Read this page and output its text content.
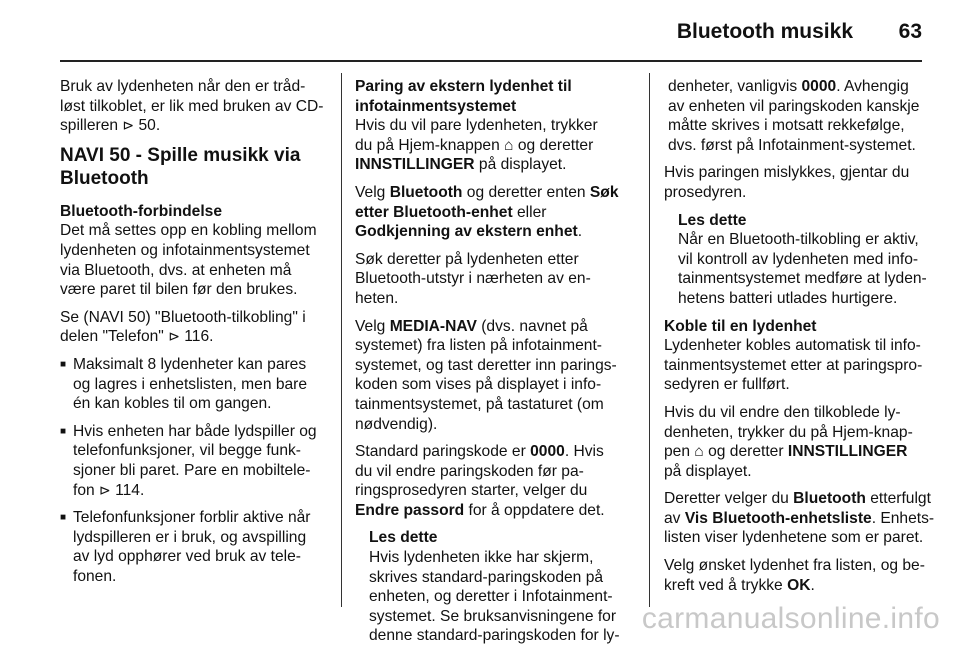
Bluetooth musikk 63

Bruk av lydenheten når den er tråd-
løst tilkoblet, er lik med bruken av CD-
spilleren ⊳ 50.

NAVI 50 - Spille musikk via
Bluetooth
Bluetooth-forbindelse

Det må settes opp en kobling mellom
lydenheten og infotainmentsystemet
via Bluetooth, dvs. at enheten må
være paret til bilen før den brukes.

Se (NAVI 50) "Bluetooth-tilkobling" i
delen "Telefon" ⊳ 116.

■ Maksimalt 8 lydenheter kan pares
og lagres i enhetslisten, men bare
én kan kobles til om gangen.
■ Hvis enheten har både lydspiller og
telefonfunksjoner, vil begge funk-
sjoner bli paret. Pare en mobiltele-
fon ⊳ 114.
■ Telefonfunksjoner forblir aktive når
lydspilleren er i bruk, og avspilling
av lyd opphører ved bruk av tele-
fonen.
Paring av ekstern lydenhet til
infotainmentsystemet

Hvis du vil pare lydenheten, trykker
du på Hjem-knappen ⌂ og deretter
INNSTILLINGER på displayet.

Velg Bluetooth og deretter enten Søk
etter Bluetooth-enhet eller
Godkjenning av ekstern enhet.

Søk deretter på lydenheten etter
Bluetooth-utstyr i nærheten av en-
heten.

Velg MEDIA-NAV (dvs. navnet på
systemet) fra listen på infotainment-
systemet, og tast deretter inn parings-
koden som vises på displayet i info-
tainmentsystemet, på tastaturet (om
nødvendig).

Standard paringskode er 0000. Hvis
du vil endre paringskoden før pa-
ringsprosedyren starter, velger du
Endre passord for å oppdatere det.

Les dette
Hvis lydenheten ikke har skjerm,
skrives standard-paringskoden på
enheten, og deretter i Infotainment-
systemet. Se bruksanvisningene for
denne standard-paringskoden for ly-
denheter, vanligvis 0000. Avhengig
av enheten vil paringskoden kanskje
måtte skrives i motsatt rekkefølge,
dvs. først på Infotainment-systemet.

Hvis paringen mislykkes, gjentar du
prosedyren.

Les dette
Når en Bluetooth-tilkobling er aktiv,
vil kontroll av lydenheten med info-
tainmentsystemet medføre at lyden-
hetens batteri utlades hurtigere.
Koble til en lydenhet

Lydenheter kobles automatisk til info-
tainmentsystemet etter at paringspro-
sedyren er fullført.

Hvis du vil endre den tilkoblede ly-
denheten, trykker du på Hjem-knap-
pen ⌂ og deretter INNSTILLINGER
på displayet.

Deretter velger du Bluetooth etterfulgt
av Vis Bluetooth-enhetsliste. Enhets-
listen viser lydenhetene som er paret.

Velg ønsket lydenhet fra listen, og be-
kreft ved å trykke OK.

carmanualsonline.info
